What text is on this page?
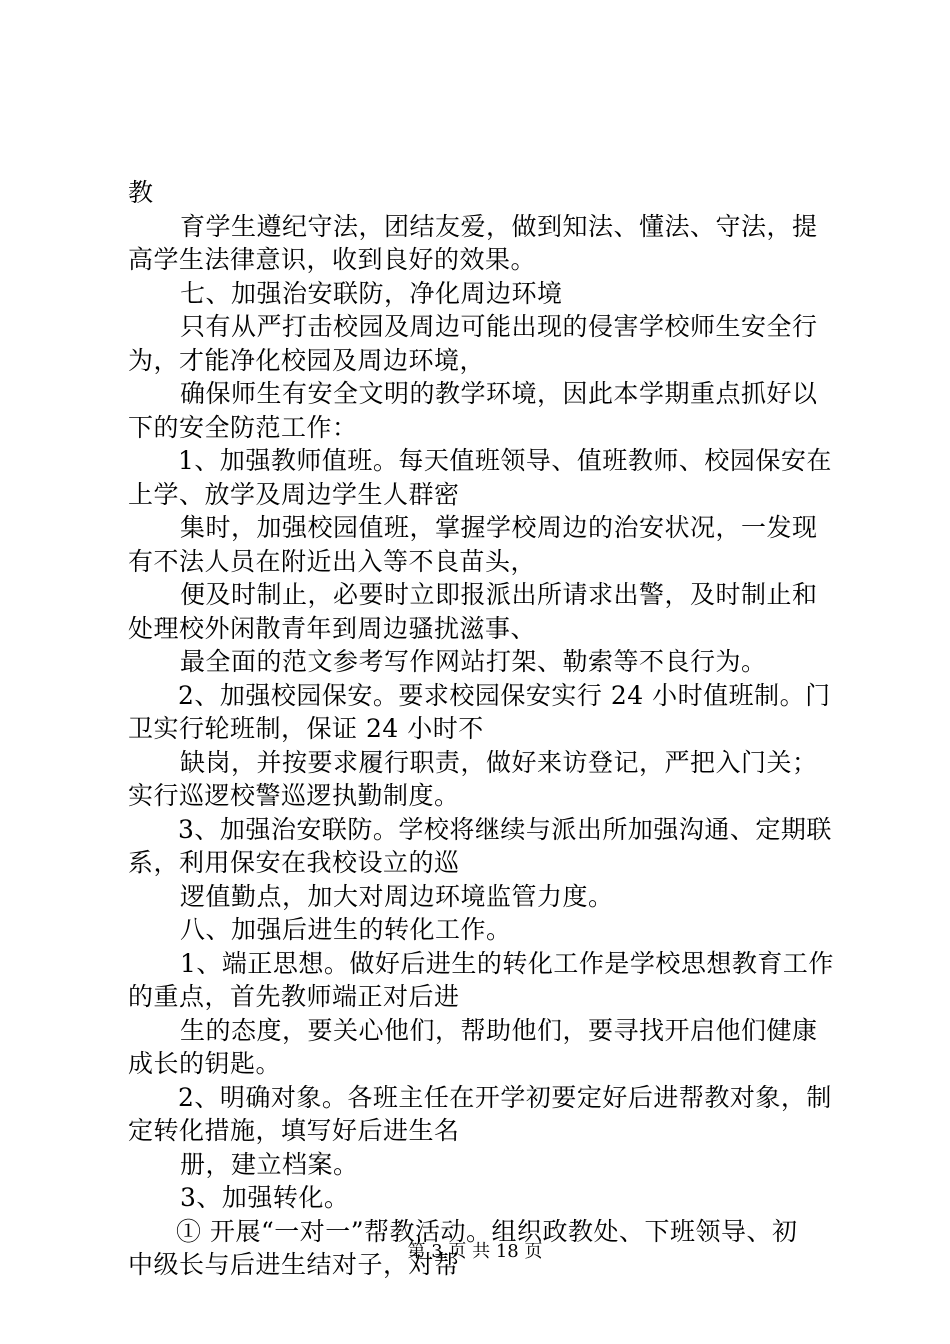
教
育学生遵纪守法，团结友爱，做到知法、懂法、守法，提
高学生法律意识，收到良好的效果。
七、加强治安联防，净化周边环境
只有从严打击校园及周边可能出现的侵害学校师生安全行
为，才能净化校园及周边环境，
确保师生有安全文明的教学环境，因此本学期重点抓好以
下的安全防范工作：
1、加强教师值班。每天值班领导、值班教师、校园保安在
上学、放学及周边学生人群密
集时，加强校园值班，掌握学校周边的治安状况，一发现
有不法人员在附近出入等不良苗头，
便及时制止，必要时立即报派出所请求出警，及时制止和
处理校外闲散青年到周边骚扰滋事、
最全面的范文参考写作网站打架、勒索等不良行为。
2、加强校园保安。要求校园保安实行 24 小时值班制。门
卫实行轮班制，保证 24 小时不
缺岗，并按要求履行职责，做好来访登记，严把入门关；
实行巡逻校警巡逻执勤制度。
3、加强治安联防。学校将继续与派出所加强沟通、定期联
系，利用保安在我校设立的巡
逻值勤点，加大对周边环境监管力度。
八、加强后进生的转化工作。
1、端正思想。做好后进生的转化工作是学校思想教育工作
的重点，首先教师端正对后进
生的态度，要关心他们，帮助他们，要寻找开启他们健康
成长的钥匙。
2、明确对象。各班主任在开学初要定好后进帮教对象，制
定转化措施，填写好后进生名
册，建立档案。
3、加强转化。
① 开展“一对一”帮教活动。组织政教处、下班领导、初
中级长与后进生结对子，对帮
第 3 页 共 18 页
